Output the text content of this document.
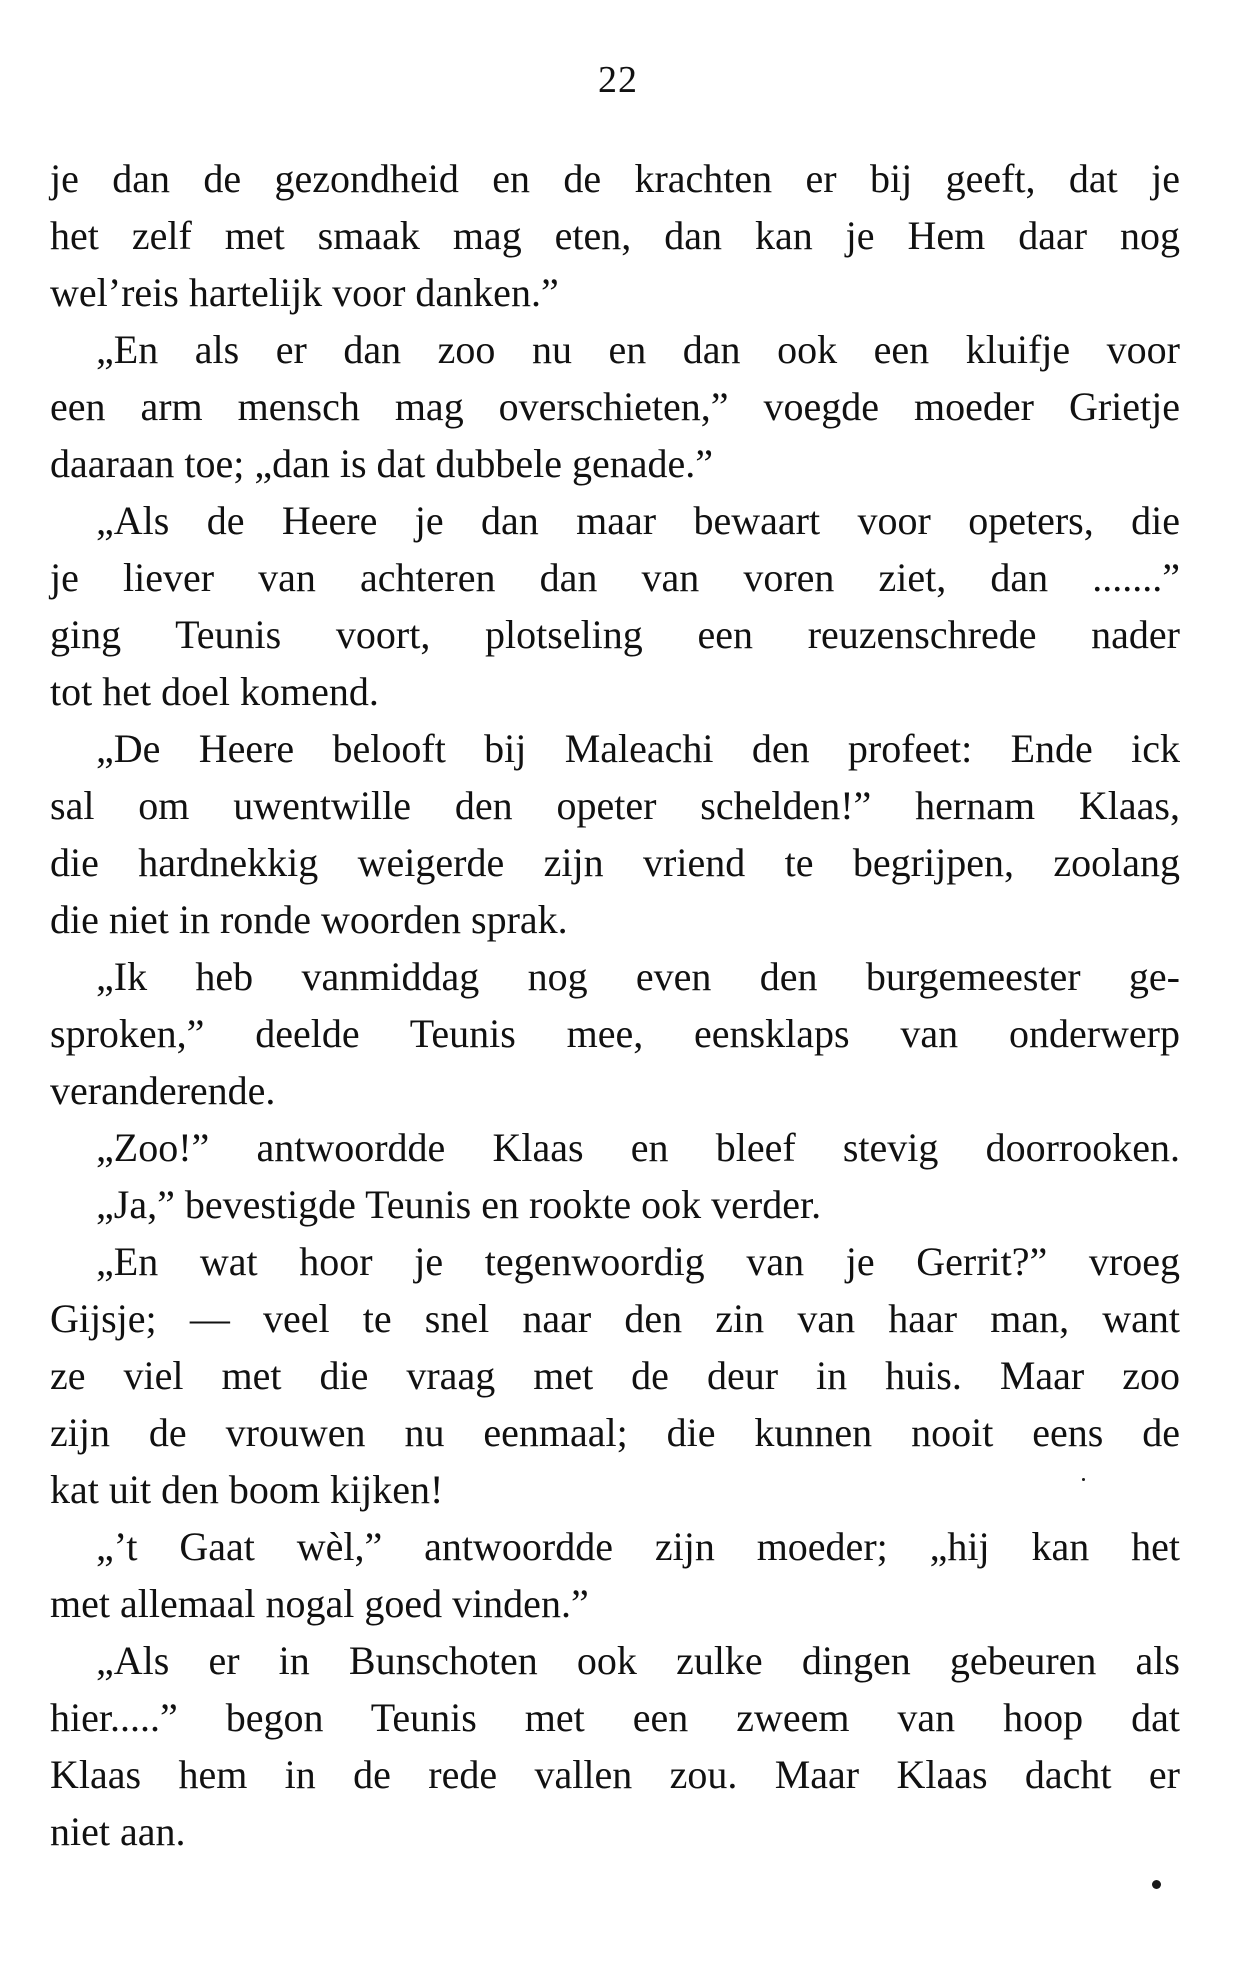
22
je dan de gezondheid en de krachten er bij geeft, dat je
het zelf met smaak mag eten, dan kan je Hem daar nog
wel’reis hartelijk voor danken.”
„En als er dan zoo nu en dan ook een kluifje voor
een arm mensch mag overschieten,” voegde moeder Grietje
daaraan toe; „dan is dat dubbele genade.”
„Als de Heere je dan maar bewaart voor opeters, die
je liever van achteren dan van voren ziet, dan .......”
ging Teunis voort, plotseling een reuzenschrede nader
tot het doel komend.
„De Heere belooft bij Maleachi den profeet: Ende ick
sal om uwentwille den opeter schelden!” hernam Klaas,
die hardnekkig weigerde zijn vriend te begrijpen, zoolang
die niet in ronde woorden sprak.
„Ik heb vanmiddag nog even den burgemeester ge-
sproken,” deelde Teunis mee, eensklaps van onderwerp
veranderende.
„Zoo!” antwoordde Klaas en bleef stevig doorrooken.
„Ja,” bevestigde Teunis en rookte ook verder.
„En wat hoor je tegenwoordig van je Gerrit?” vroeg
Gijsje; — veel te snel naar den zin van haar man, want
ze viel met die vraag met de deur in huis. Maar zoo
zijn de vrouwen nu eenmaal; die kunnen nooit eens de
kat uit den boom kijken!
„’t Gaat wèl,” antwoordde zijn moeder; „hij kan het
met allemaal nogal goed vinden.”
„Als er in Bunschoten ook zulke dingen gebeuren als
hier.....” begon Teunis met een zweem van hoop dat
Klaas hem in de rede vallen zou. Maar Klaas dacht er
niet aan.
